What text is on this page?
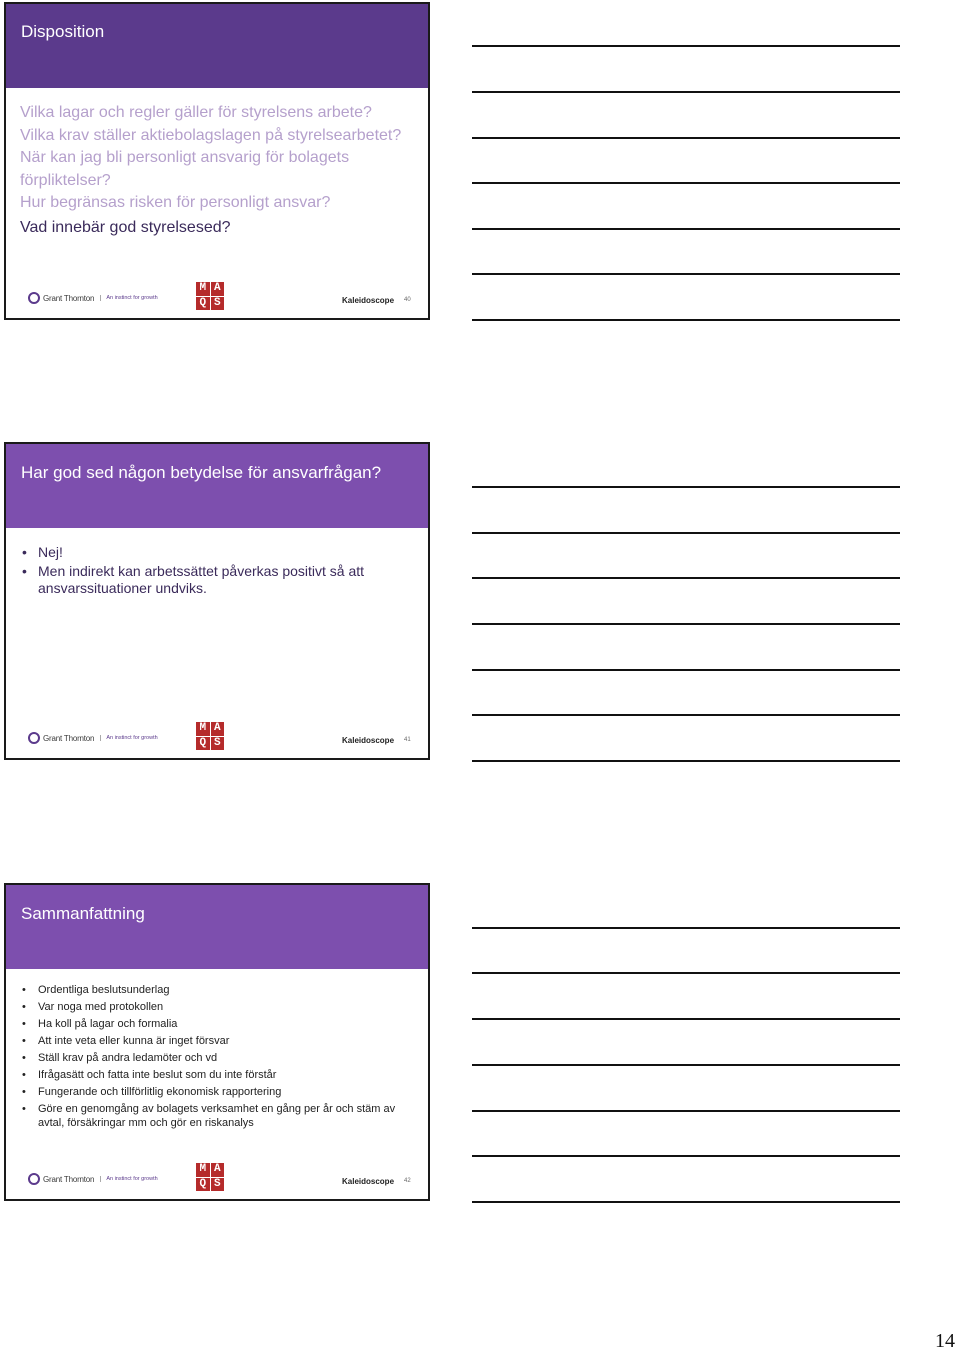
Disposition
Vilka lagar och regler gäller för styrelsens arbete?
Vilka krav ställer aktiebolagslagen på styrelsearbetet?
När kan jag bli personligt ansvarig för bolagets förpliktelser?
Hur begränsas risken för personligt ansvar?
Vad innebär god styrelsesed?
Grant Thornton	An instinct for growth
M A
Q S	Kaleidoscope 40
Har god sed någon betydelse för ansvarfrågan?
• Nej!
• Men indirekt kan arbetssättet påverkas positivt så att ansvarssituationer undviks.
Grant Thornton	An instinct for growth
M A
Q S	Kaleidoscope 41
Sammanfattning
• Ordentliga beslutsunderlag
• Var noga med protokollen
• Ha koll på lagar och formalia
• Att inte veta eller kunna är inget försvar
• Ställ krav på andra ledamöter och vd
• Ifrågasätt och fatta inte beslut som du inte förstår
• Fungerande och tillförlitlig ekonomisk rapportering
• Göre en genomgång av bolagets verksamhet en gång per år och stäm av avtal, försäkringar mm och gör en riskanalys
Grant Thornton	An instinct for growth
M A
Q S	Kaleidoscope 42
14
